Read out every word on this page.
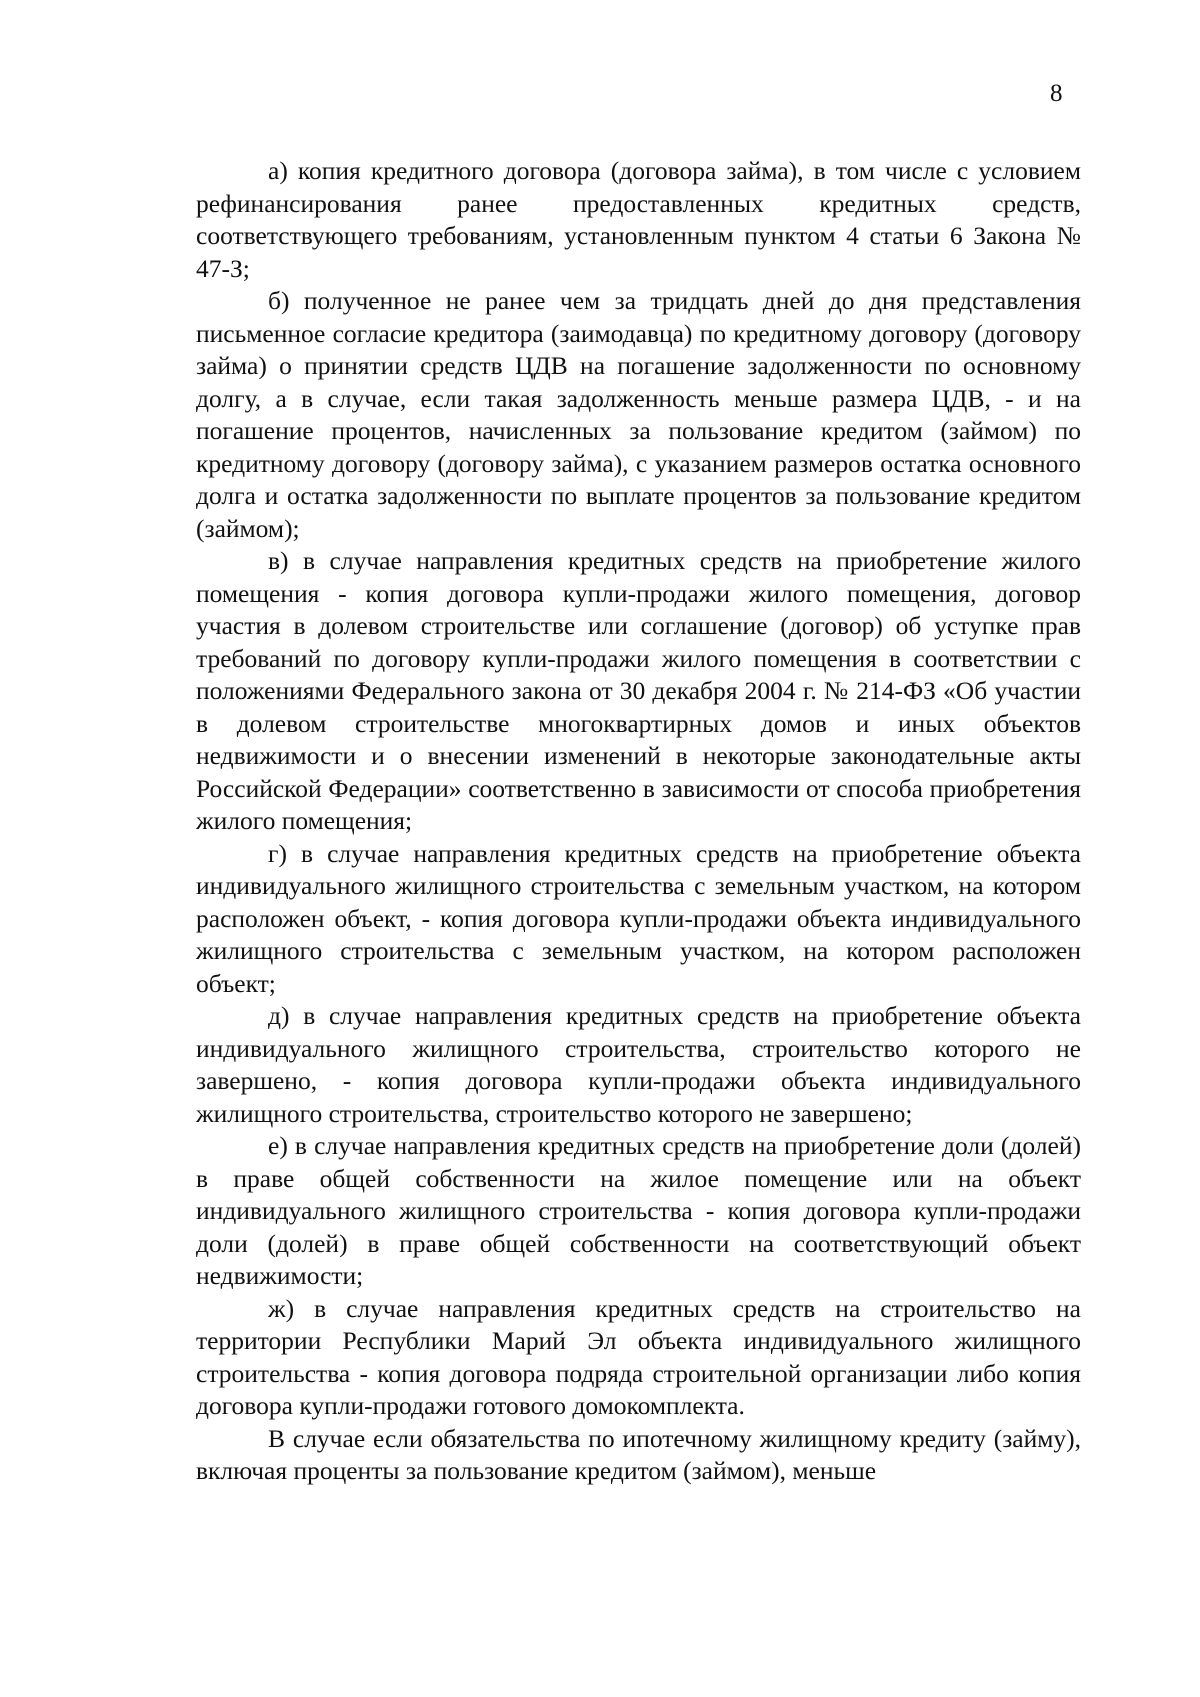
8

а) копия кредитного договора (договора займа), в том числе с условием рефинансирования ранее предоставленных кредитных средств, соответствующего требованиям, установленным пунктом 4 статьи 6 Закона № 47-З;

б) полученное не ранее чем за тридцать дней до дня представления письменное согласие кредитора (заимодавца) по кредитному договору (договору займа) о принятии средств ЦДВ на погашение задолженности по основному долгу, а в случае, если такая задолженность меньше размера ЦДВ, - и на погашение процентов, начисленных за пользование кредитом (займом) по кредитному договору (договору займа), с указанием размеров остатка основного долга и остатка задолженности по выплате процентов за пользование кредитом (займом);

в) в случае направления кредитных средств на приобретение жилого помещения - копия договора купли-продажи жилого помещения, договор участия в долевом строительстве или соглашение (договор) об уступке прав требований по договору купли-продажи жилого помещения в соответствии с положениями Федерального закона от 30 декабря 2004 г. № 214-ФЗ «Об участии в долевом строительстве многоквартирных домов и иных объектов недвижимости и о внесении изменений в некоторые законодательные акты Российской Федерации» соответственно в зависимости от способа приобретения жилого помещения;

г) в случае направления кредитных средств на приобретение объекта индивидуального жилищного строительства с земельным участком, на котором расположен объект, - копия договора купли-продажи объекта индивидуального жилищного строительства с земельным участком, на котором расположен объект;

д) в случае направления кредитных средств на приобретение объекта индивидуального жилищного строительства, строительство которого не завершено, - копия договора купли-продажи объекта индивидуального жилищного строительства, строительство которого не завершено;

е) в случае направления кредитных средств на приобретение доли (долей) в праве общей собственности на жилое помещение или на объект индивидуального жилищного строительства - копия договора купли-продажи доли (долей) в праве общей собственности на соответствующий объект недвижимости;

ж) в случае направления кредитных средств на строительство на территории Республики Марий Эл объекта индивидуального жилищного строительства - копия договора подряда строительной организации либо копия договора купли-продажи готового домокомплекта.

В случае если обязательства по ипотечному жилищному кредиту (займу), включая проценты за пользование кредитом (займом), меньше
